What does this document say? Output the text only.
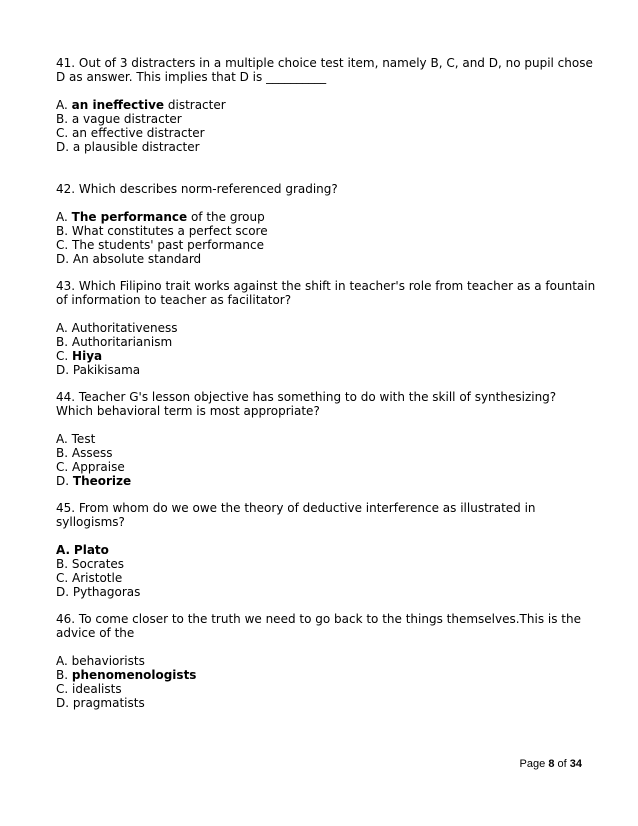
41. Out of 3 distracters in a multiple choice test item, namely B, C, and D, no pupil chose D as answer. This implies that D is __________

A. an ineffective distracter

B. a vague distracter

C. an effective distracter

D. a plausible distracter

42. Which describes norm-referenced grading?

A. The performance of the group

B. What constitutes a perfect score

C. The students' past performance

D. An absolute standard

43. Which Filipino trait works against the shift in teacher's role from teacher as a fountain of information to teacher as facilitator?

A. Authoritativeness

B. Authoritarianism

C. Hiya

D. Pakikisama

44. Teacher G's lesson objective has something to do with the skill of synthesizing? Which behavioral term is most appropriate?

A. Test

B. Assess

C. Appraise

D. Theorize

45. From whom do we owe the theory of deductive interference as illustrated in syllogisms?

A. Plato

B. Socrates

C. Aristotle

D. Pythagoras

46. To come closer to the truth we need to go back to the things themselves.This is the advice of the

A. behaviorists

B. phenomenologists

C. idealists

D. pragmatists

Page 8 of 34
